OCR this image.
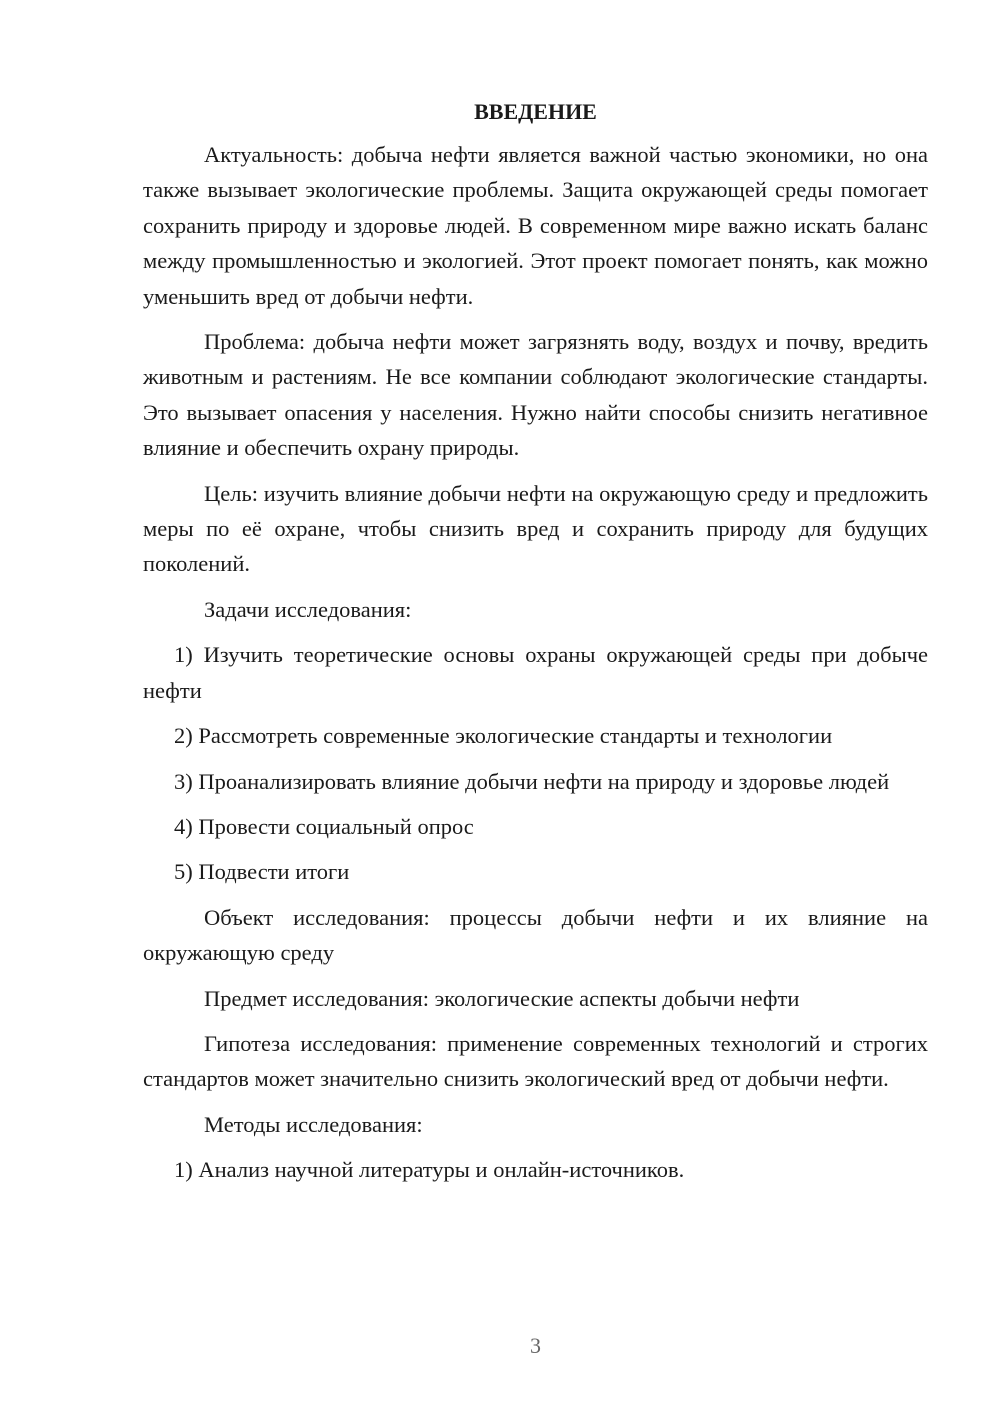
ВВЕДЕНИЕ

Актуальность: добыча нефти является важной частью экономики, но она также вызывает экологические проблемы. Защита окружающей среды помогает сохранить природу и здоровье людей. В современном мире важно искать баланс между промышленностью и экологией. Этот проект помогает понять, как можно уменьшить вред от добычи нефти.

Проблема: добыча нефти может загрязнять воду, воздух и почву, вредить животным и растениям. Не все компании соблюдают экологические стандарты. Это вызывает опасения у населения. Нужно найти способы снизить негативное влияние и обеспечить охрану природы.

Цель: изучить влияние добычи нефти на окружающую среду и предложить меры по её охране, чтобы снизить вред и сохранить природу для будущих поколений.

Задачи исследования:

1) Изучить теоретические основы охраны окружающей среды при добыче нефти

2) Рассмотреть современные экологические стандарты и технологии

3) Проанализировать влияние добычи нефти на природу и здоровье людей

4) Провести социальный опрос

5) Подвести итоги

Объект исследования: процессы добычи нефти и их влияние на окружающую среду

Предмет исследования: экологические аспекты добычи нефти

Гипотеза исследования: применение современных технологий и строгих стандартов может значительно снизить экологический вред от добычи нефти.

Методы исследования:

1) Анализ научной литературы и онлайн-источников.

3
